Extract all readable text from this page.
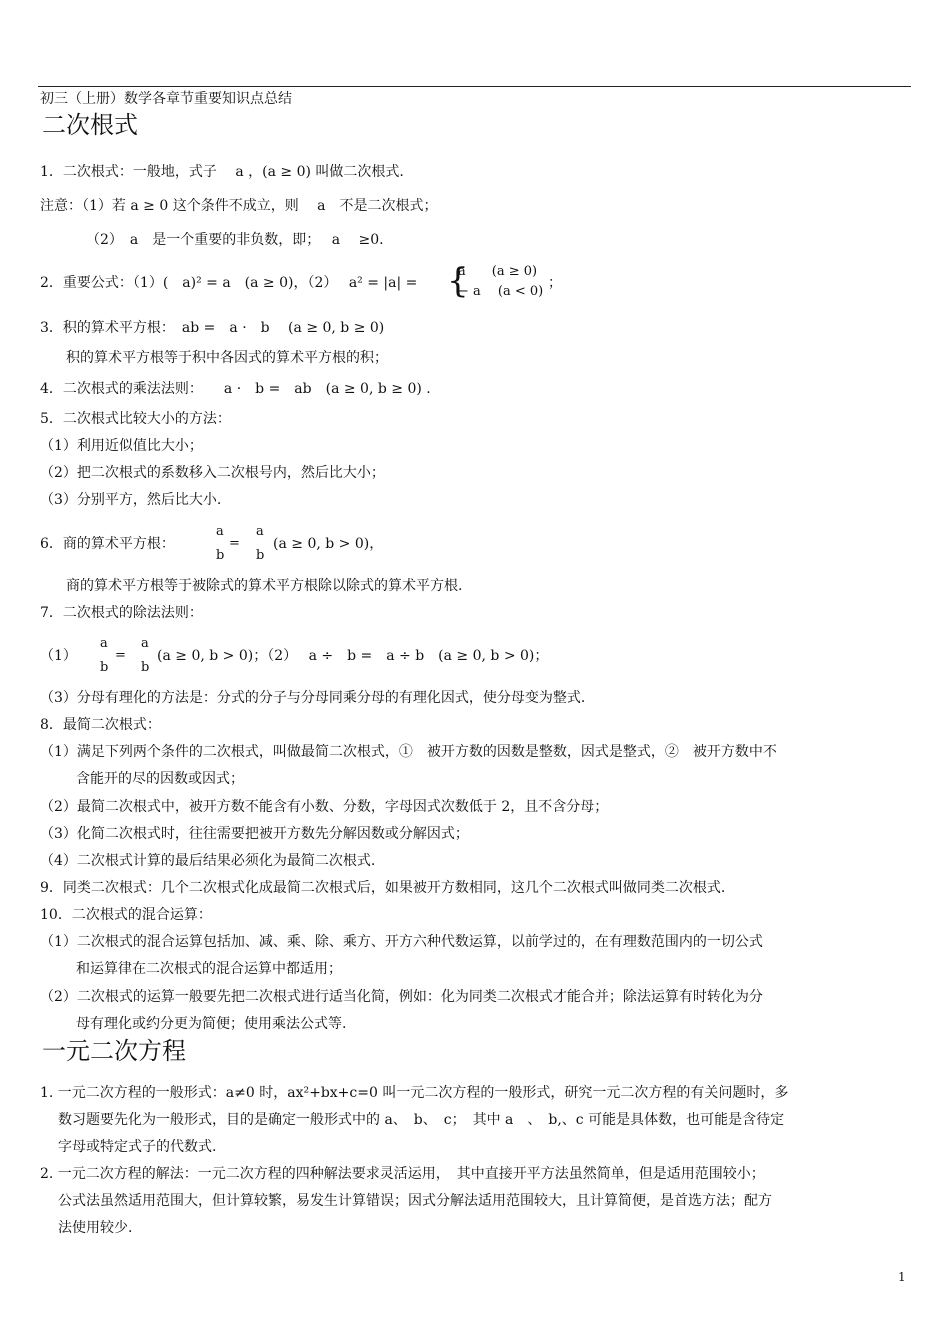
初三（上册）数学各章节重要知识点总结
二次根式
1．二次根式：一般地，式子 　a ，(a ≥ 0) 叫做二次根式.
注意：（1）若 a ≥ 0 这个条件不成立，则　 a　不是二次根式；
（2）　a　是一个重要的非负数，即；　 a　 ≥0.
2．重要公式：（1）(　a)² = a　(a ≥ 0)，（2）　 a² = |a| = {
a　　(a ≥ 0)
− a　 (a < 0)
；
3．积的算术平方根：　ab =　a ·　b　 (a ≥ 0, b ≥ 0)
积的算术平方根等于积中各因式的算术平方根的积；
4．二次根式的乘法法则：　　a ·　b =　ab　(a ≥ 0, b ≥ 0) .
5．二次根式比较大小的方法：
（1）利用近似值比大小；
（2）把二次根式的系数移入二次根号内，然后比大小；
（3）分别平方，然后比大小.
6．商的算术平方根：
a
b
=
a
b
(a ≥ 0, b > 0)，
商的算术平方根等于被除式的算术平方根除以除式的算术平方根.
7．二次根式的除法法则：
（1）
a
b
=
a
b
(a ≥ 0, b > 0)；（2）　 a ÷　b =　a ÷ b　(a ≥ 0, b > 0)；
（3）分母有理化的方法是：分式的分子与分母同乘分母的有理化因式，使分母变为整式.
8．最简二次根式：
（1）满足下列两个条件的二次根式，叫做最简二次根式，①　被开方数的因数是整数，因式是整式，②　被开方数中不
含能开的尽的因数或因式；
（2）最简二次根式中，被开方数不能含有小数、分数，字母因式次数低于 2，且不含分母；
（3）化简二次根式时，往往需要把被开方数先分解因数或分解因式；
（4）二次根式计算的最后结果必须化为最简二次根式.
9．同类二次根式：几个二次根式化成最简二次根式后，如果被开方数相同，这几个二次根式叫做同类二次根式.
10．二次根式的混合运算：
（1）二次根式的混合运算包括加、减、乘、除、乘方、开方六种代数运算，以前学过的，在有理数范围内的一切公式
和运算律在二次根式的混合运算中都适用；
（2）二次根式的运算一般要先把二次根式进行适当化简，例如：化为同类二次根式才能合并；除法运算有时转化为分
母有理化或约分更为简便；使用乘法公式等.
一元二次方程
1. 一元二次方程的一般形式：a≠0 时，ax²+bx+c=0 叫一元二次方程的一般形式，研究一元二次方程的有关问题时，多
数习题要先化为一般形式，目的是确定一般形式中的 a、　b、　c；　其中 a　、　b,、c 可能是具体数，也可能是含待定
字母或特定式子的代数式.
2. 一元二次方程的解法：一元二次方程的四种解法要求灵活运用，　其中直接开平方法虽然简单，但是适用范围较小；
公式法虽然适用范围大，但计算较繁，易发生计算错误；因式分解法适用范围较大，且计算简便，是首选方法；配方
法使用较少.
1
